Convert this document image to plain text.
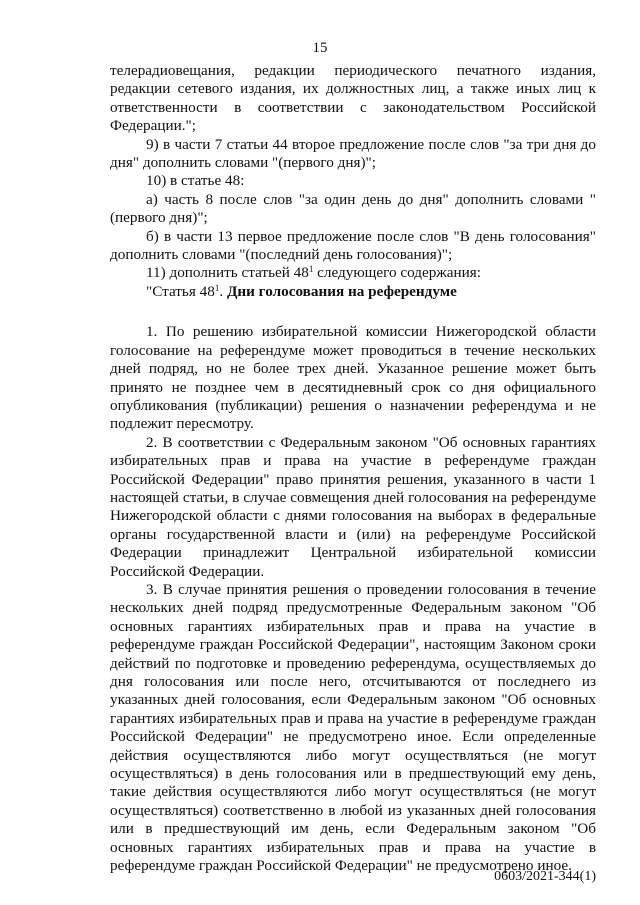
15

телерадиовещания, редакции периодического печатного издания, редакции сетевого издания, их должностных лиц, а также иных лиц к ответственности в соответствии с законодательством Российской Федерации.";

9) в части 7 статьи 44 второе предложение после слов "за три дня до дня" дополнить словами "(первого дня)";

10) в статье 48:

а) часть 8 после слов "за один день до дня" дополнить словами "(первого дня)";

б) в части 13 первое предложение после слов "В день голосования" дополнить словами "(последний день голосования)";

11) дополнить статьей $48^1$ следующего содержания:

"Статья $48^1$. Дни голосования на референдуме

1. По решению избирательной комиссии Нижегородской области голосование на референдуме может проводиться в течение нескольких дней подряд, но не более трех дней. Указанное решение может быть принято не позднее чем в десятидневный срок со дня официального опубликования (публикации) решения о назначении референдума и не подлежит пересмотру.

2. В соответствии с Федеральным законом "Об основных гарантиях избирательных прав и права на участие в референдуме граждан Российской Федерации" право принятия решения, указанного в части 1 настоящей статьи, в случае совмещения дней голосования на референдуме Нижегородской области с днями голосования на выборах в федеральные органы государственной власти и (или) на референдуме Российской Федерации принадлежит Центральной избирательной комиссии Российской Федерации.

3. В случае принятия решения о проведении голосования в течение нескольких дней подряд предусмотренные Федеральным законом "Об основных гарантиях избирательных прав и права на участие в референдуме граждан Российской Федерации", настоящим Законом сроки действий по подготовке и проведению референдума, осуществляемых до дня голосования или после него, отсчитываются от последнего из указанных дней голосования, если Федеральным законом "Об основных гарантиях избирательных прав и права на участие в референдуме граждан Российской Федерации" не предусмотрено иное. Если определенные действия осуществляются либо могут осуществляться (не могут осуществляться) в день голосования или в предшествующий ему день, такие действия осуществляются либо могут осуществляться (не могут осуществляться) соответственно в любой из указанных дней голосования или в предшествующий им день, если Федеральным законом "Об основных гарантиях избирательных прав и права на участие в референдуме граждан Российской Федерации" не предусмотрено иное.

0603/2021-344(1)
